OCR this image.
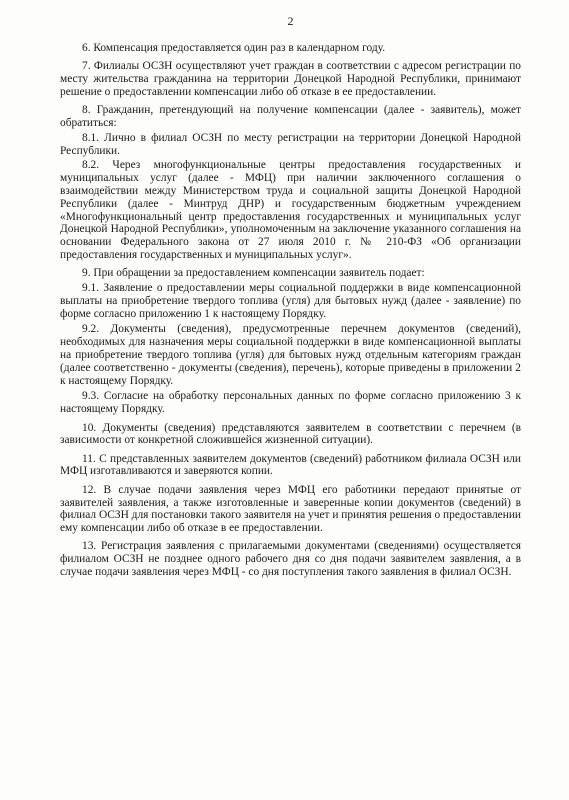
2

6. Компенсация предоставляется один раз в календарном году.

7. Филиалы ОСЗН осуществляют учет граждан в соответствии с адресом регистрации по месту жительства гражданина на территории Донецкой Народной Республики, принимают решение о предоставлении компенсации либо об отказе в ее предоставлении.

8. Гражданин, претендующий на получение компенсации (далее - заявитель), может обратиться:

8.1. Лично в филиал ОСЗН по месту регистрации на территории Донецкой Народной Республики.

8.2. Через многофункциональные центры предоставления государственных и муниципальных услуг (далее - МФЦ) при наличии заключенного соглашения о взаимодействии между Министерством труда и социальной защиты Донецкой Народной Республики (далее - Минтруд ДНР) и государственным бюджетным учреждением «Многофункциональный центр предоставления государственных и муниципальных услуг Донецкой Народной Республики», уполномоченным на заключение указанного соглашения на основании Федерального закона от 27 июля 2010 г. № 210-ФЗ «Об организации предоставления государственных и муниципальных услуг».

9. При обращении за предоставлением компенсации заявитель подает:

9.1. Заявление о предоставлении меры социальной поддержки в виде компенсационной выплаты на приобретение твердого топлива (угля) для бытовых нужд (далее - заявление) по форме согласно приложению 1 к настоящему Порядку.

9.2. Документы (сведения), предусмотренные перечнем документов (сведений), необходимых для назначения меры социальной поддержки в виде компенсационной выплаты на приобретение твердого топлива (угля) для бытовых нужд отдельным категориям граждан (далее соответственно - документы (сведения), перечень), которые приведены в приложении 2 к настоящему Порядку.

9.3. Согласие на обработку персональных данных по форме согласно приложению 3 к настоящему Порядку.

10. Документы (сведения) представляются заявителем в соответствии с перечнем (в зависимости от конкретной сложившейся жизненной ситуации).

11. С представленных заявителем документов (сведений) работником филиала ОСЗН или МФЦ изготавливаются и заверяются копии.

12. В случае подачи заявления через МФЦ его работники передают принятые от заявителей заявления, а также изготовленные и заверенные копии документов (сведений) в филиал ОСЗН для постановки такого заявителя на учет и принятия решения о предоставлении ему компенсации либо об отказе в ее предоставлении.

13. Регистрация заявления с прилагаемыми документами (сведениями) осуществляется филиалом ОСЗН не позднее одного рабочего дня со дня подачи заявителем заявления, а в случае подачи заявления через МФЦ - со дня поступления такого заявления в филиал ОСЗН.
